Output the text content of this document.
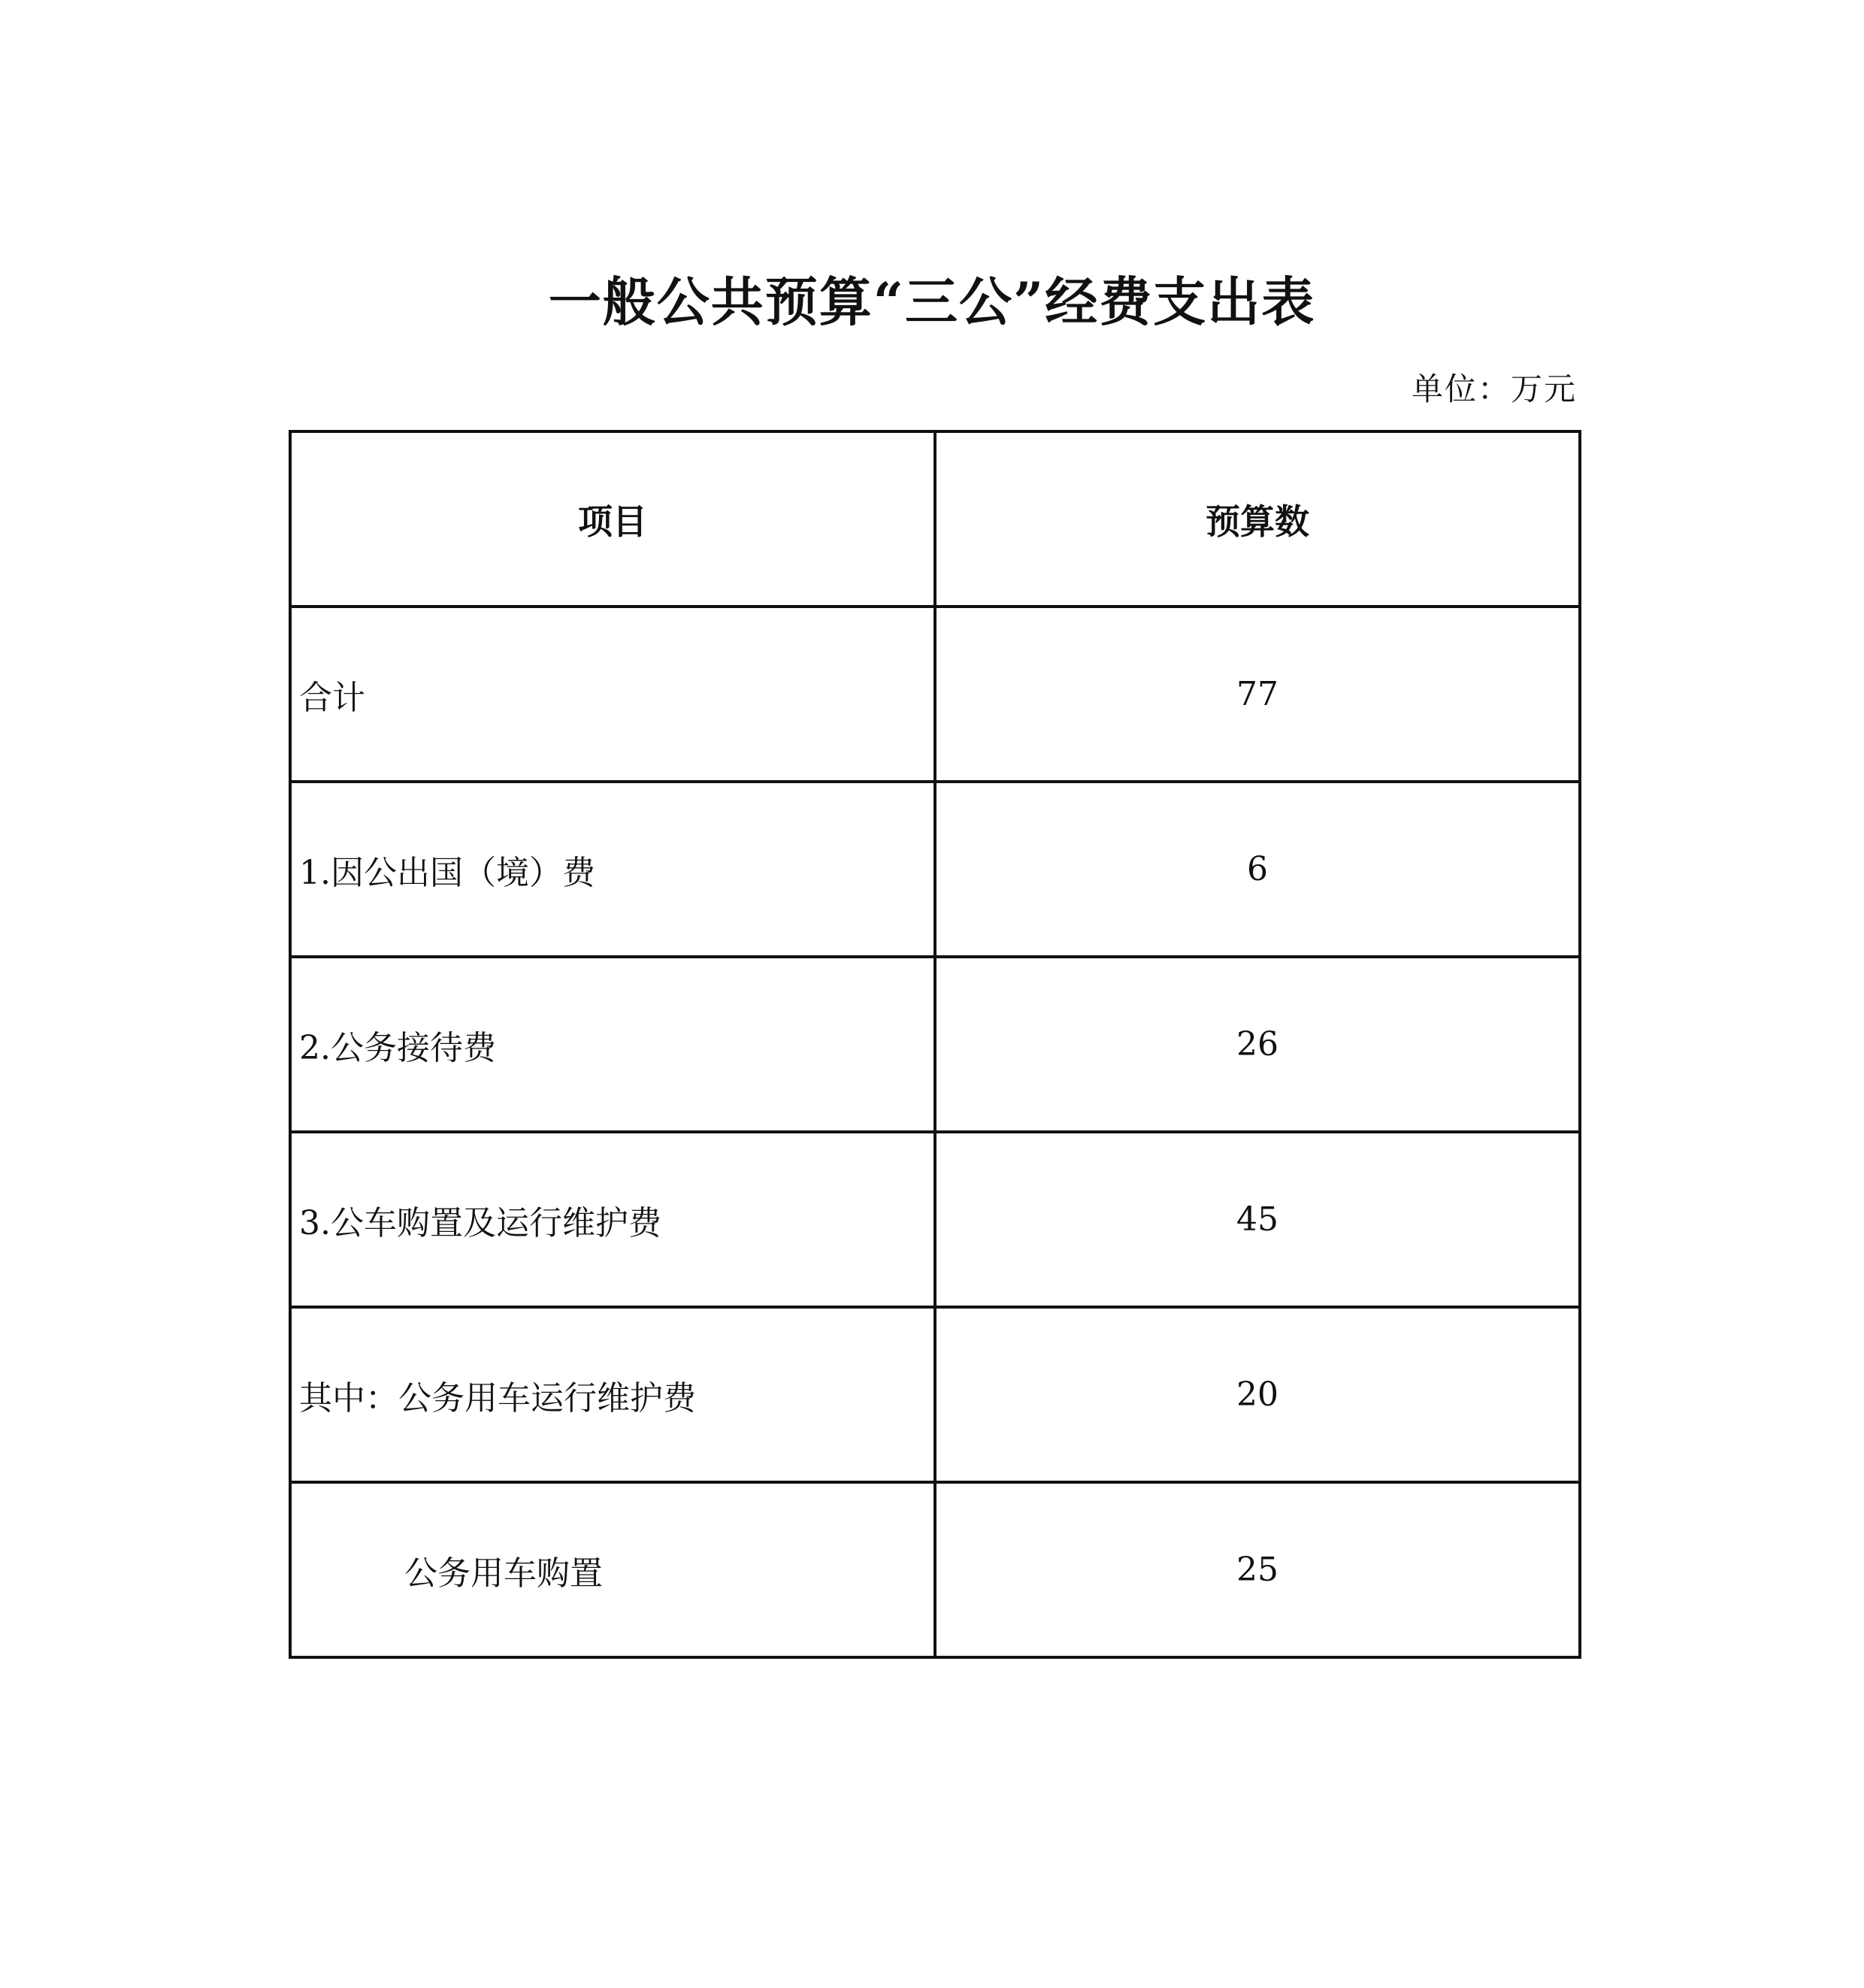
一般公共预算“三公”经费支出表
单位：万元
项目	预算数
合计	77
1.因公出国（境）费	6
2.公务接待费	26
3.公车购置及运行维护费	45
其中：公务用车运行维护费	20
公务用车购置	25
